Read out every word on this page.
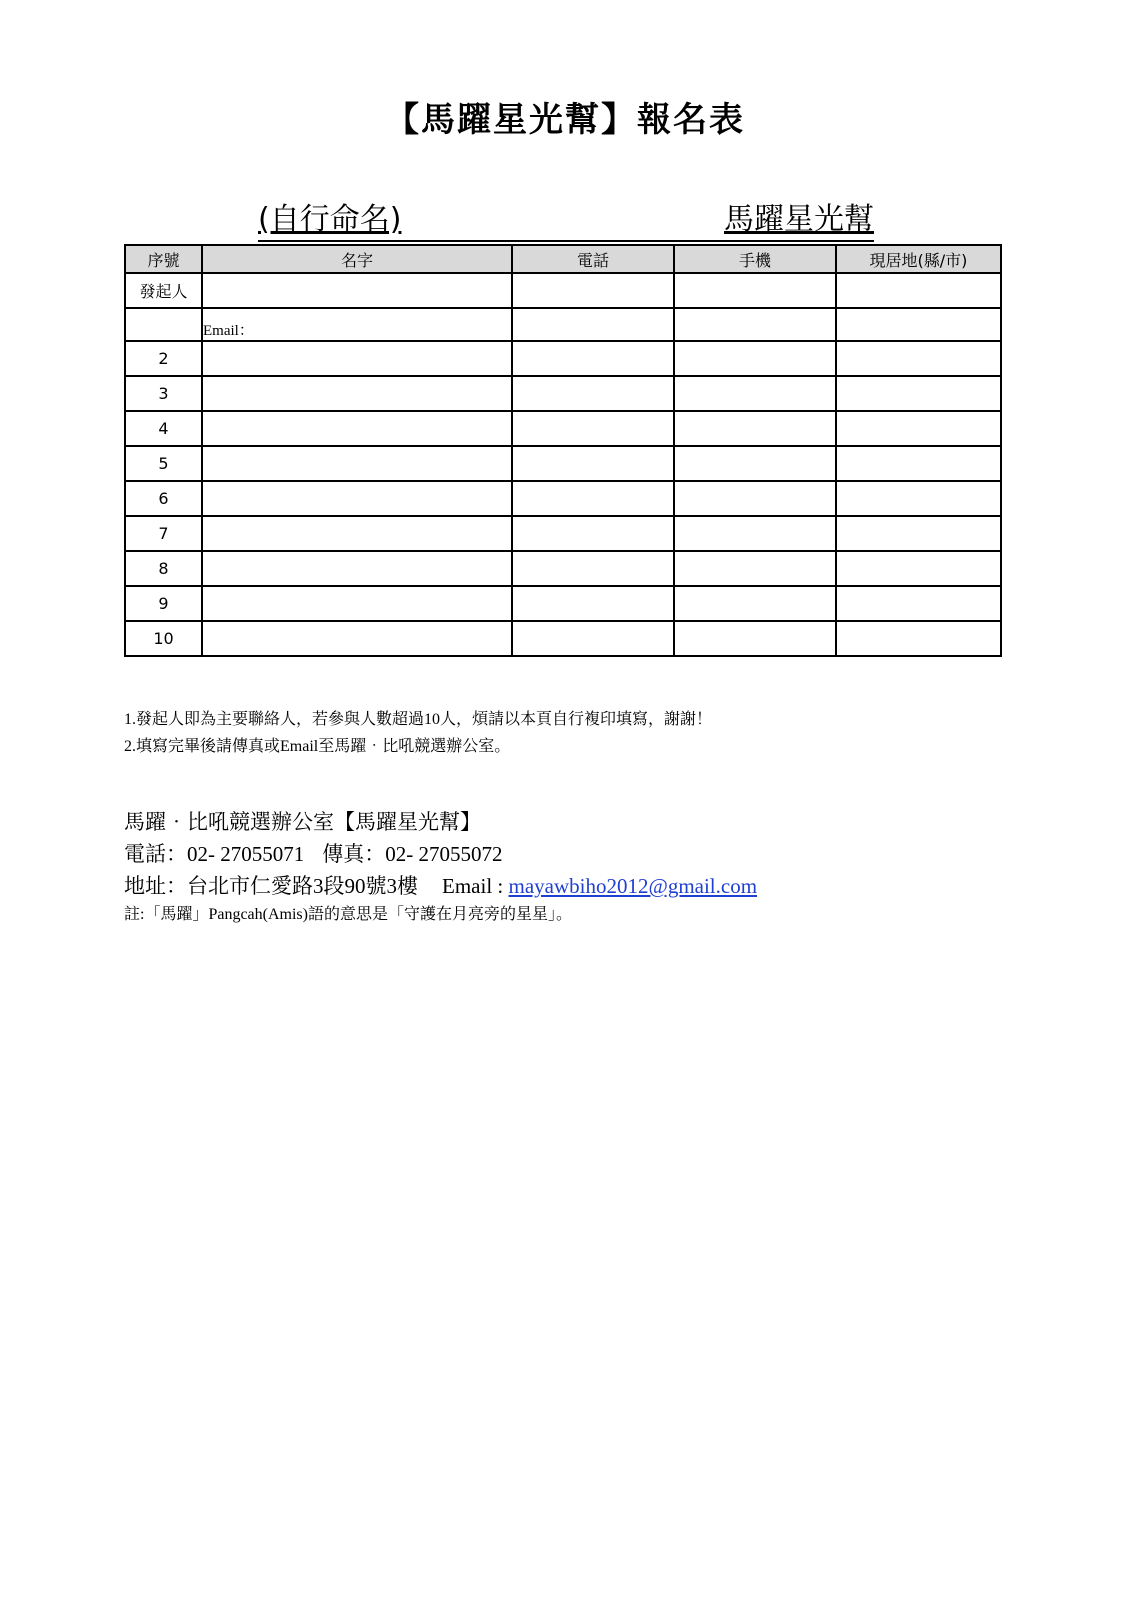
【馬躍星光幫】報名表
(自行命名)	馬躍星光幫
序號	名字	電話	手機	現居地(縣/市)
發起人				

	Email：			

2				
3				
4				
5				
6				
7				
8				
9				
10				
1.發起人即為主要聯絡人，若參與人數超過10人，煩請以本頁自行複印填寫，謝謝！
2.填寫完畢後請傳真或Email至馬躍‧比吼競選辦公室。
馬躍‧比吼競選辦公室【馬躍星光幫】
電話：02- 27055071 傳真：02- 27055072
地址：台北市仁愛路3段90號3樓 Email : mayawbiho2012@gmail.com
註:「馬躍」Pangcah(Amis)語的意思是「守護在月亮旁的星星」。
